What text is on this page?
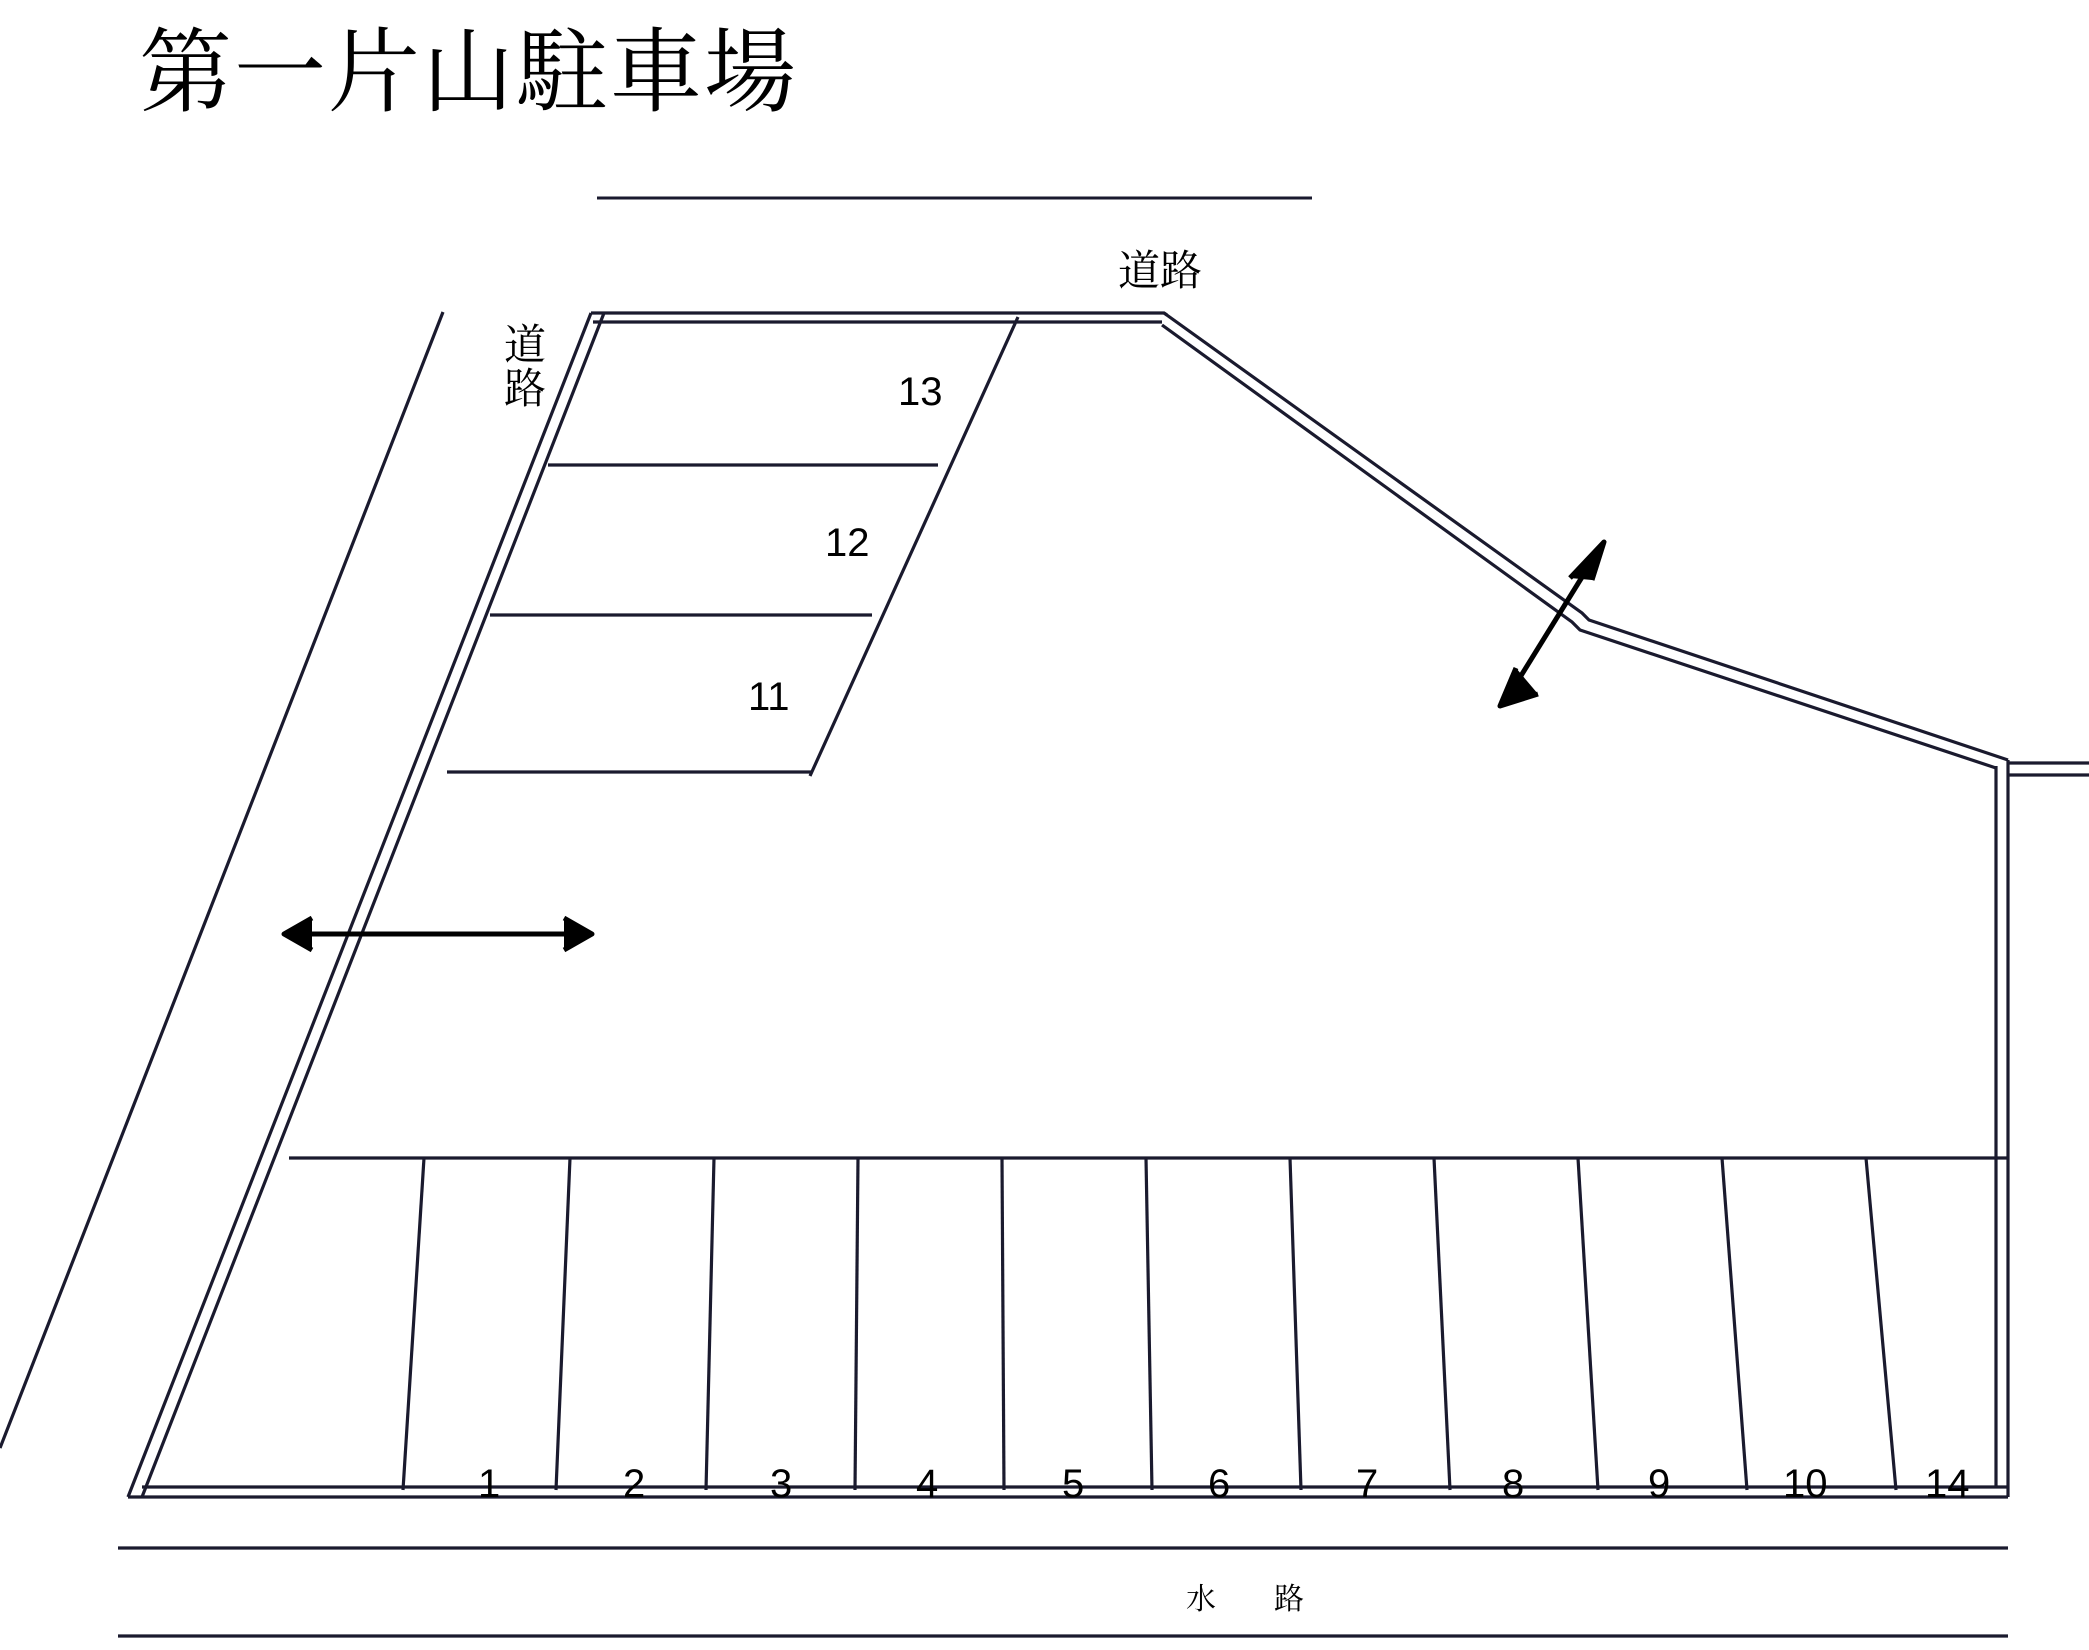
第一片山駐車場
道路
道路
水　路
13
12
11
1	2	3	4	5	6	7	8	9	10 14
